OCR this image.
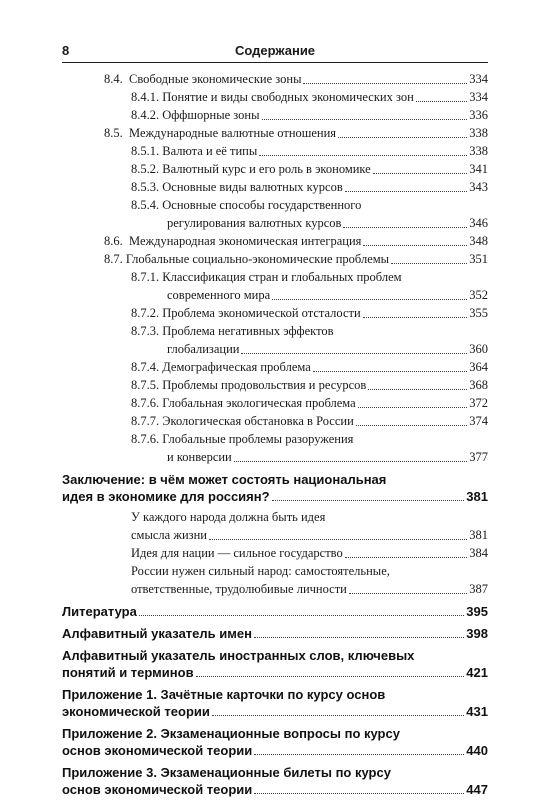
8	Содержание
8.4. Свободные экономические зоны	334
8.4.1. Понятие и виды свободных экономических зон	334
8.4.2. Оффшорные зоны	336
8.5. Международные валютные отношения	338
8.5.1. Валюта и её типы	338
8.5.2. Валютный курс и его роль в экономике	341
8.5.3. Основные виды валютных курсов	343
8.5.4. Основные способы государственного
регулирования валютных курсов	346
8.6. Международная экономическая интеграция	348
8.7. Глобальные социально-экономические проблемы	351
8.7.1. Классификация стран и глобальных проблем
современного мира	352
8.7.2. Проблема экономической отсталости	355
8.7.3. Проблема негативных эффектов
глобализации	360
8.7.4. Демографическая проблема	364
8.7.5. Проблемы продовольствия и ресурсов	368
8.7.6. Глобальная экологическая проблема	372
8.7.7. Экологическая обстановка в России	374
8.7.6. Глобальные проблемы разоружения
и конверсии	377
Заключение: в чём может состоять национальная
идея в экономике для россиян?	381
У каждого народа должна быть идея
смысла жизни	381
Идея для нации — сильное государство	384
России нужен сильный народ: самостоятельные,
ответственные, трудолюбивые личности	387
Литература	395
Алфавитный указатель имен	398
Алфавитный указатель иностранных слов, ключевых
понятий и терминов	421
Приложение 1. Зачётные карточки по курсу основ
экономической теории	431
Приложение 2. Экзаменационные вопросы по курсу
основ экономической теории	440
Приложение 3. Экзаменационные билеты по курсу
основ экономической теории	447
